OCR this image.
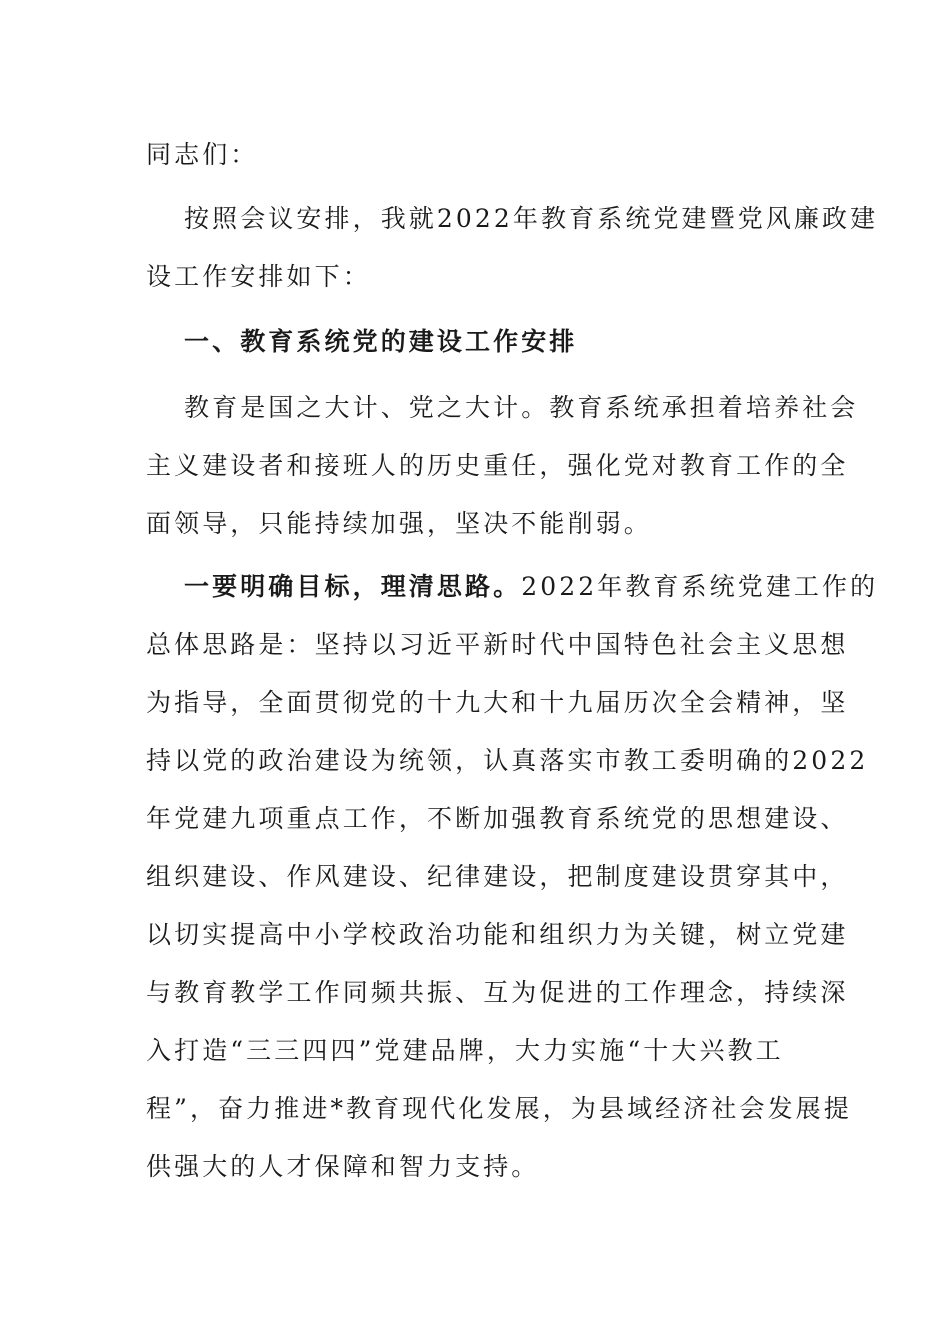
同志们：
按照会议安排，我就2022年教育系统党建暨党风廉政建
设工作安排如下：
一、教育系统党的建设工作安排
教育是国之大计、党之大计。教育系统承担着培养社会
主义建设者和接班人的历史重任，强化党对教育工作的全
面领导，只能持续加强，坚决不能削弱。
一要明确目标，理清思路。2022年教育系统党建工作的
总体思路是：坚持以习近平新时代中国特色社会主义思想
为指导，全面贯彻党的十九大和十九届历次全会精神，坚
持以党的政治建设为统领，认真落实市教工委明确的2022
年党建九项重点工作，不断加强教育系统党的思想建设、
组织建设、作风建设、纪律建设，把制度建设贯穿其中，
以切实提高中小学校政治功能和组织力为关键，树立党建
与教育教学工作同频共振、互为促进的工作理念，持续深
入打造“三三四四”党建品牌，大力实施“十大兴教工
程”，奋力推进*教育现代化发展，为县域经济社会发展提
供强大的人才保障和智力支持。
